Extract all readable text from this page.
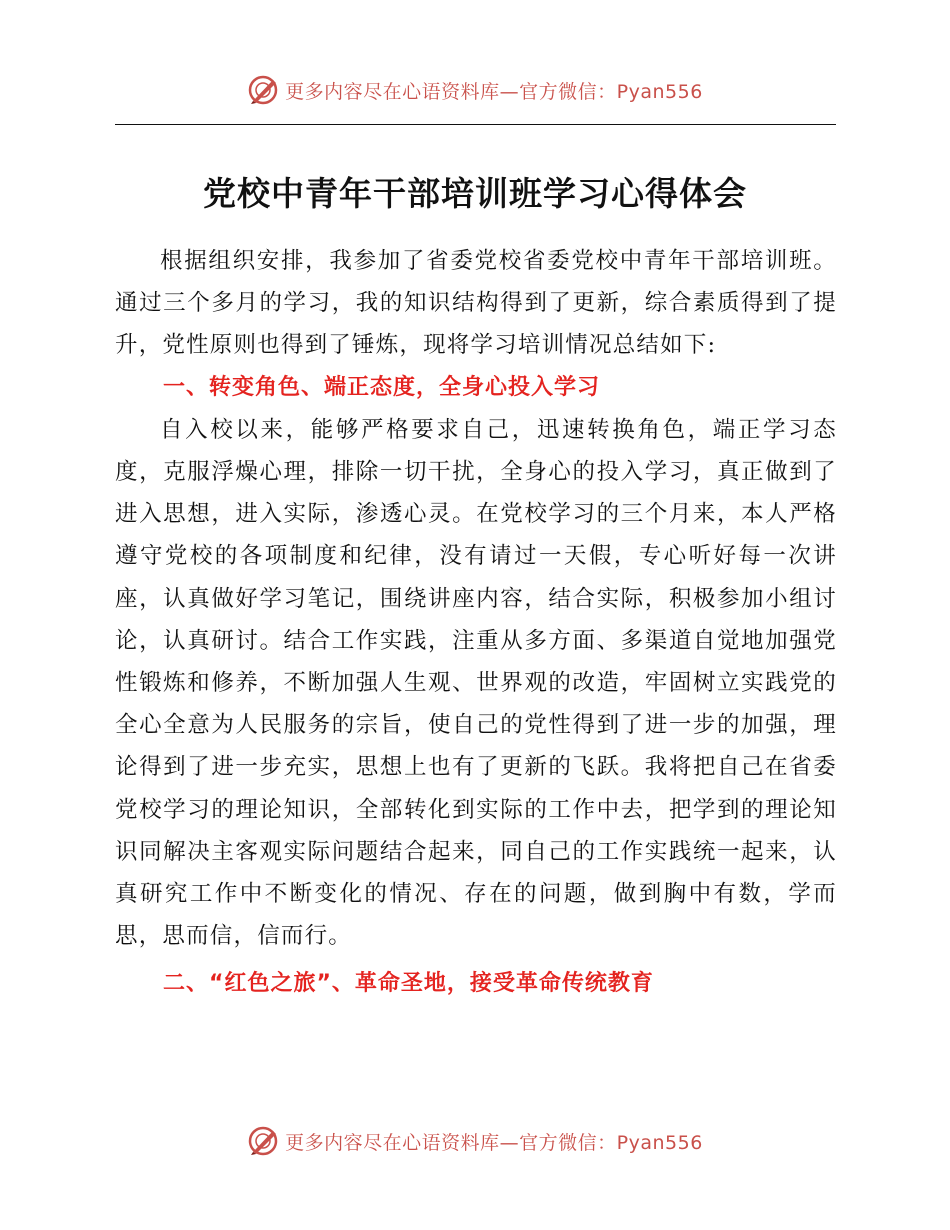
更多内容尽在心语资料库—官方微信：Pyan556
党校中青年干部培训班学习心得体会

根据组织安排，我参加了省委党校省委党校中青年干部培训班。通过三个多月的学习，我的知识结构得到了更新，综合素质得到了提升，党性原则也得到了锤炼，现将学习培训情况总结如下:

一、转变角色、端正态度，全身心投入学习

自入校以来，能够严格要求自己，迅速转换角色，端正学习态度，克服浮燥心理，排除一切干扰，全身心的投入学习，真正做到了进入思想，进入实际，渗透心灵。在党校学习的三个月来，本人严格遵守党校的各项制度和纪律，没有请过一天假，专心听好每一次讲座，认真做好学习笔记，围绕讲座内容，结合实际，积极参加小组讨论，认真研讨。结合工作实践，注重从多方面、多渠道自觉地加强党性锻炼和修养，不断加强人生观、世界观的改造，牢固树立实践党的全心全意为人民服务的宗旨，使自己的党性得到了进一步的加强，理论得到了进一步充实，思想上也有了更新的飞跃。我将把自己在省委党校学习的理论知识，全部转化到实际的工作中去，把学到的理论知识同解决主客观实际问题结合起来，同自己的工作实践统一起来，认真研究工作中不断变化的情况、存在的问题，做到胸中有数，学而思，思而信，信而行。

二、“红色之旅”、革命圣地，接受革命传统教育

更多内容尽在心语资料库—官方微信：Pyan556
